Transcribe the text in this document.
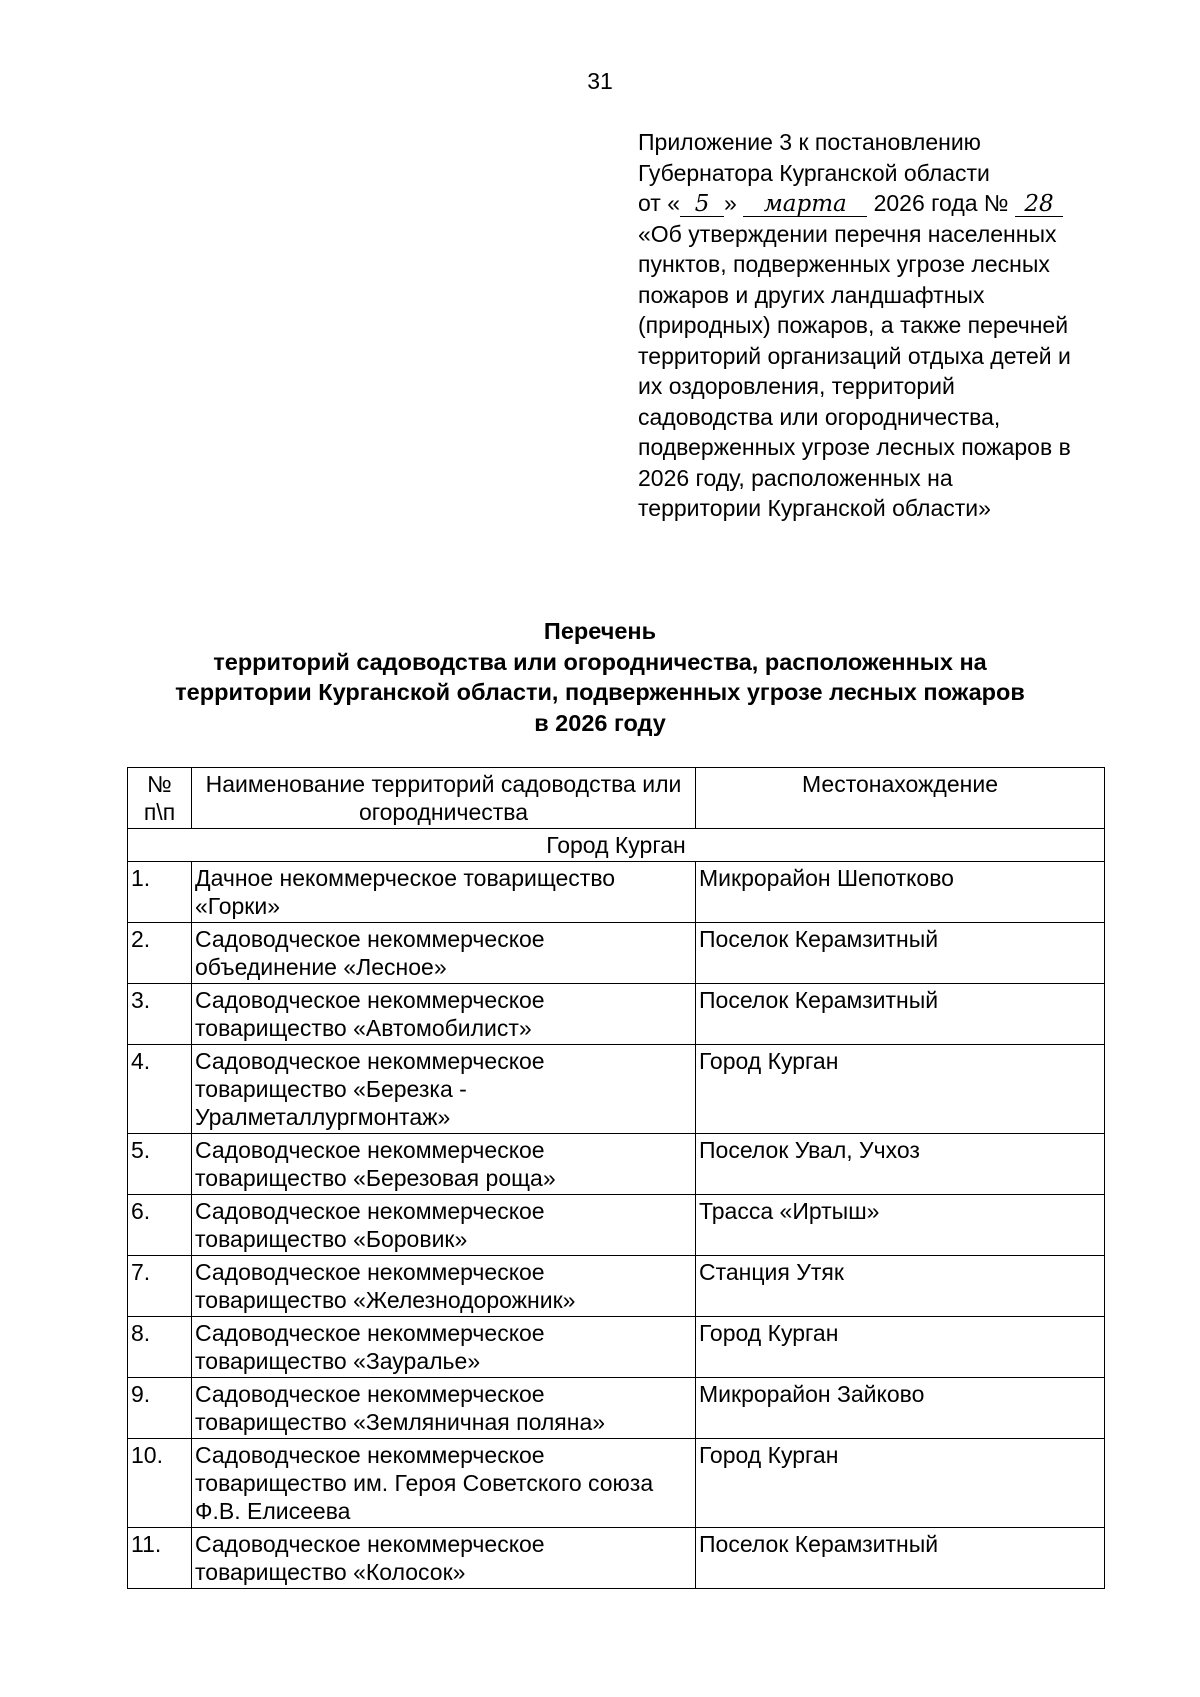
31
Приложение 3 к постановлению
Губернатора Курганской области
от « 5 » марта 2026 года № 28
«Об утверждении перечня населенных
пунктов, подверженных угрозе лесных
пожаров и других ландшафтных
(природных) пожаров, а также перечней
территорий организаций отдыха детей и
их оздоровления, территорий
садоводства или огородничества,
подверженных угрозе лесных пожаров в
2026 году, расположенных на
территории Курганской области»
Перечень
территорий садоводства или огородничества, расположенных на
территории Курганской области, подверженных угрозе лесных пожаров
в 2026 году
№ п\п	Наименование территорий садоводства или огородничества	Местонахождение
Город Курган		
1.	Дачное некоммерческое товарищество «Горки»	Микрорайон Шепотково
2.	Садоводческое некоммерческое объединение «Лесное»	Поселок Керамзитный
3.	Садоводческое некоммерческое товарищество «Автомобилист»	Поселок Керамзитный
4.	Садоводческое некоммерческое товарищество «Березка - Уралметаллургмонтаж»	Город Курган
5.	Садоводческое некоммерческое товарищество «Березовая роща»	Поселок Увал, Учхоз
6.	Садоводческое некоммерческое товарищество «Боровик»	Трасса «Иртыш»
7.	Садоводческое некоммерческое товарищество «Железнодорожник»	Станция Утяк
8.	Садоводческое некоммерческое товарищество «Зауралье»	Город Курган
9.	Садоводческое некоммерческое товарищество «Земляничная поляна»	Микрорайон Зайково
10.	Садоводческое некоммерческое товарищество им. Героя Советского союза Ф.В. Елисеева	Город Курган
11.	Садоводческое некоммерческое товарищество «Колосок»	Поселок Керамзитный
